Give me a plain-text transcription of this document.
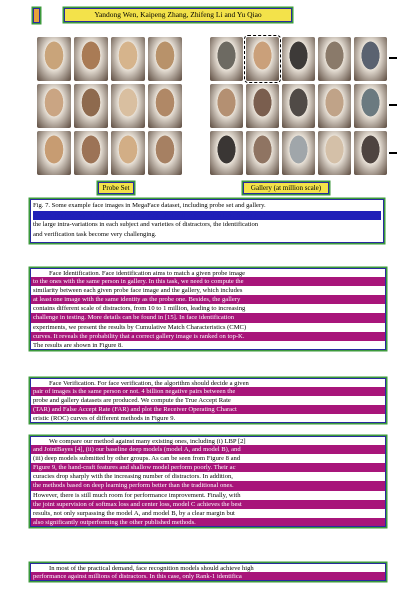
Yandong Wen, Kaipeng Zhang, Zhifeng Li and Yu Qiao
Probe Set	Gallery (at million scale)
Fig. 7. Some example face images in MegaFace dataset, including probe set and gallery.
The gallery consists of at least one correct image and millions of distractors. Because of
the large intra-variations in each subject and varieties of distractors, the identification
and verification task become very challenging.
Face Identification. Face identification aims to match a given probe image
to the ones with the same person in gallery. In this task, we need to compute the
similarity between each given probe face image and the gallery, which includes
at least one image with the same identity as the probe one. Besides, the gallery
contains different scale of distractors, from 10 to 1 million, leading to increasing
challenge in testing. More details can be found in [15]. In face identification
experiments, we present the results by Cumulative Match Characteristics (CMC)
curves. It reveals the probability that a correct gallery image is ranked on top-K.
The results are shown in Figure 8.
Face Verification. For face verification, the algorithm should decide a given
pair of images is the same person or not. 4 billion negative pairs between the
probe and gallery datasets are produced. We compute the True Accept Rate
(TAR) and False Accept Rate (FAR) and plot the Receiver Operating Charact
eristic (ROC) curves of different methods in Figure 9.
We compare our method against many existing ones, including (i) LBP [2]
and JointBayes [4], (ii) our baseline deep models (model A, and model B), and
(iii) deep models submitted by other groups. As can be seen from Figure 8 and
Figure 9, the hand-craft features and shallow model perform poorly. Their ac
curacies drop sharply with the increasing number of distractors. In addition,
the methods based on deep learning perform better than the traditional ones.
However, there is still much room for performance improvement. Finally, with
the joint supervision of softmax loss and center loss, model C achieves the best
results, not only surpassing the model A, and model B, by a clear margin but
also significantly outperforming the other published methods.
In most of the practical demand, face recognition models should achieve high
performance against millions of distractors. In this case, only Rank-1 identifica
